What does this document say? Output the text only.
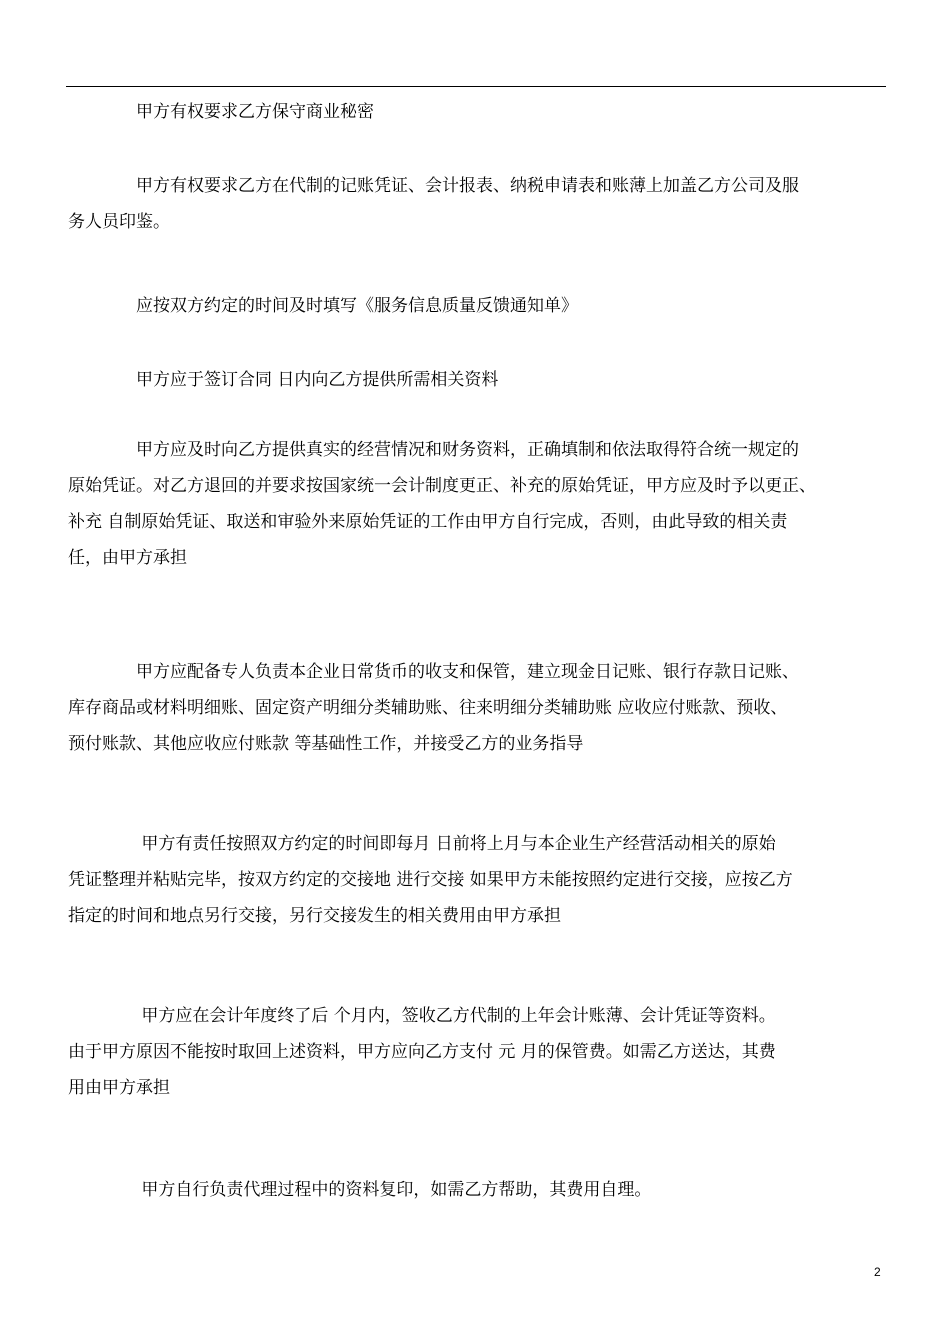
　　　　甲方有权要求乙方保守商业秘密
　　　　甲方有权要求乙方在代制的记账凭证、会计报表、纳税申请表和账薄上加盖乙方公司及服
务人员印鉴。
　　　　应按双方约定的时间及时填写《服务信息质量反馈通知单》
　　　　甲方应于签订合同 日内向乙方提供所需相关资料
　　　　甲方应及时向乙方提供真实的经营情况和财务资料，正确填制和依法取得符合统一规定的
原始凭证。对乙方退回的并要求按国家统一会计制度更正、补充的原始凭证，甲方应及时予以更正、
补充 自制原始凭证、取送和审验外来原始凭证的工作由甲方自行完成，否则，由此导致的相关责
任，由甲方承担
　　　　甲方应配备专人负责本企业日常货币的收支和保管，建立现金日记账、银行存款日记账、
库存商品或材料明细账、固定资产明细分类辅助账、往来明细分类辅助账 应收应付账款、预收、
预付账款、其他应收应付账款 等基础性工作，并接受乙方的业务指导
　　　　 甲方有责任按照双方约定的时间即每月 日前将上月与本企业生产经营活动相关的原始
凭证整理并粘贴完毕，按双方约定的交接地 进行交接 如果甲方未能按照约定进行交接，应按乙方
指定的时间和地点另行交接，另行交接发生的相关费用由甲方承担
　　　　 甲方应在会计年度终了后 个月内，签收乙方代制的上年会计账薄、会计凭证等资料。
由于甲方原因不能按时取回上述资料，甲方应向乙方支付 元 月的保管费。如需乙方送达，其费
用由甲方承担
　　　　 甲方自行负责代理过程中的资料复印，如需乙方帮助，其费用自理。
2
